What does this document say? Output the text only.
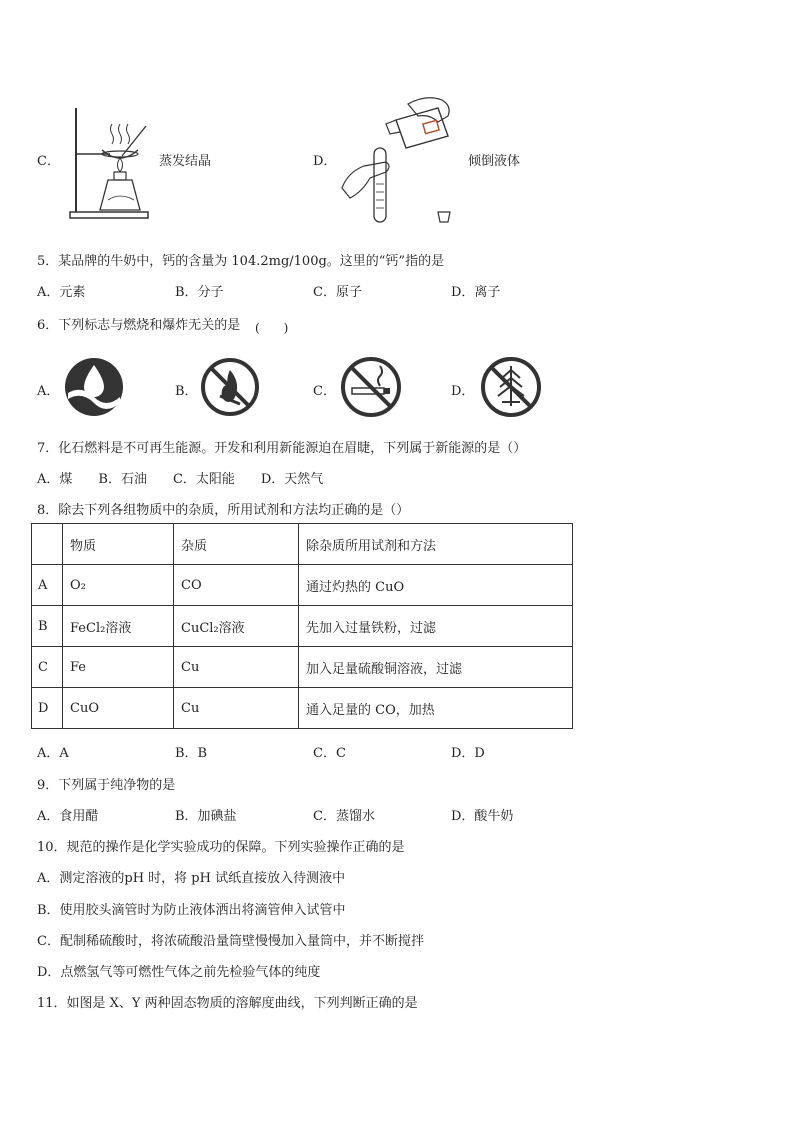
C．	蒸发结晶	D．	倾倒液体
5．某品牌的牛奶中，钙的含量为 104.2mg/100g。这里的“钙”指的是
A．元素	B．分子	C．原子	D．离子
6．下列标志与燃烧和爆炸无关的是 (　　)
A．	B．	C．	D．
7．化石燃料是不可再生能源。开发和利用新能源迫在眉睫，下列属于新能源的是（）
A．煤　　B．石油　　C．太阳能　　D．天然气
8．除去下列各组物质中的杂质，所用试剂和方法均正确的是（）
	物质	杂质	除杂质所用试剂和方法
A	O₂	CO	通过灼热的 CuO
B	FeCl₂溶液	CuCl₂溶液	先加入过量铁粉，过滤
C	Fe	Cu	加入足量硫酸铜溶液，过滤
D	CuO	Cu	通入足量的 CO，加热
A．A	B．B	C．C	D．D
9．下列属于纯净物的是
A．食用醋	B．加碘盐	C．蒸馏水	D．酸牛奶
10．规范的操作是化学实验成功的保障。下列实验操作正确的是
A．测定溶液的pH 时，将 pH 试纸直接放入待测液中
B．使用胶头滴管时为防止液体洒出将滴管伸入试管中
C．配制稀硫酸时，将浓硫酸沿量筒壁慢慢加入量筒中，并不断搅拌
D．点燃氢气等可燃性气体之前先检验气体的纯度
11．如图是 X、Y 两种固态物质的溶解度曲线，下列判断正确的是
